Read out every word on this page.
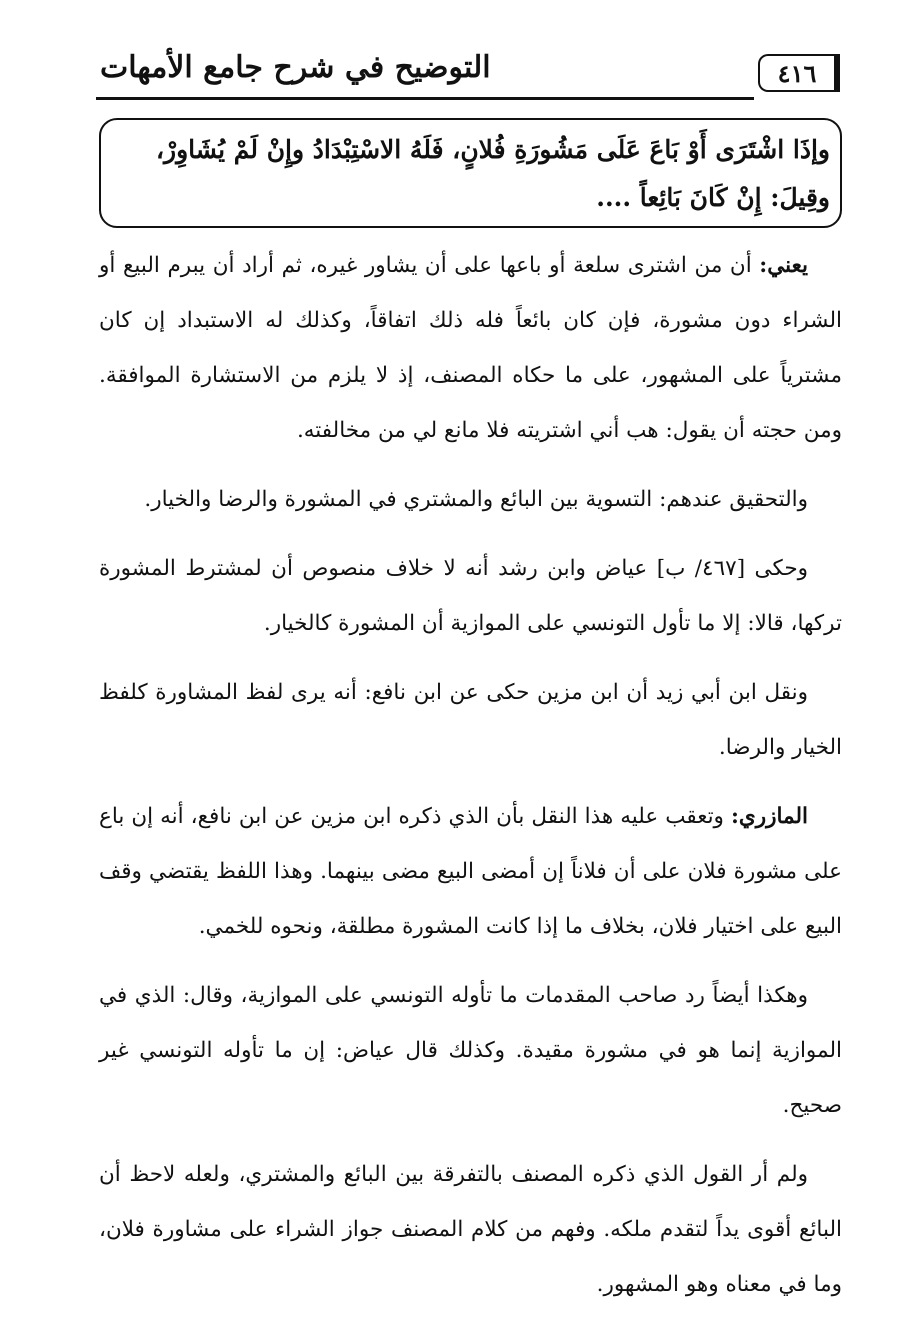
٤١٦
التوضيح في شرح جامع الأمهات
وإذَا اشْتَرَى أَوْ بَاعَ عَلَى مَشُورَةِ فُلانٍ، فَلَهُ الاسْتِبْدَادُ وإِنْ لَمْ يُشَاوِرْ،
وقِيلَ: إِنْ كَانَ بَائِعاً ....

يعني: أن من اشترى سلعة أو باعها على أن يشاور غيره، ثم أراد أن يبرم البيع أو الشراء دون مشورة، فإن كان بائعاً فله ذلك اتفاقاً، وكذلك له الاستبداد إن كان مشترياً على المشهور، على ما حكاه المصنف، إذ لا يلزم من الاستشارة الموافقة. ومن حجته أن يقول: هب أني اشتريته فلا مانع لي من مخالفته.

والتحقيق عندهم: التسوية بين البائع والمشتري في المشورة والرضا والخيار.

وحكى [٤٦٧/ ب] عياض وابن رشد أنه لا خلاف منصوص أن لمشترط المشورة تركها، قالا: إلا ما تأول التونسي على الموازية أن المشورة كالخيار.

ونقل ابن أبي زيد أن ابن مزين حكى عن ابن نافع: أنه يرى لفظ المشاورة كلفظ الخيار والرضا.

المازري: وتعقب عليه هذا النقل بأن الذي ذكره ابن مزين عن ابن نافع، أنه إن باع على مشورة فلان على أن فلاناً إن أمضى البيع مضى بينهما. وهذا اللفظ يقتضي وقف البيع على اختيار فلان، بخلاف ما إذا كانت المشورة مطلقة، ونحوه للخمي.

وهكذا أيضاً رد صاحب المقدمات ما تأوله التونسي على الموازية، وقال: الذي في الموازية إنما هو في مشورة مقيدة. وكذلك قال عياض: إن ما تأوله التونسي غير صحيح.

ولم أر القول الذي ذكره المصنف بالتفرقة بين البائع والمشتري، ولعله لاحظ أن البائع أقوى يداً لتقدم ملكه. وفهم من كلام المصنف جواز الشراء على مشاورة فلان، وما في معناه وهو المشهور.
